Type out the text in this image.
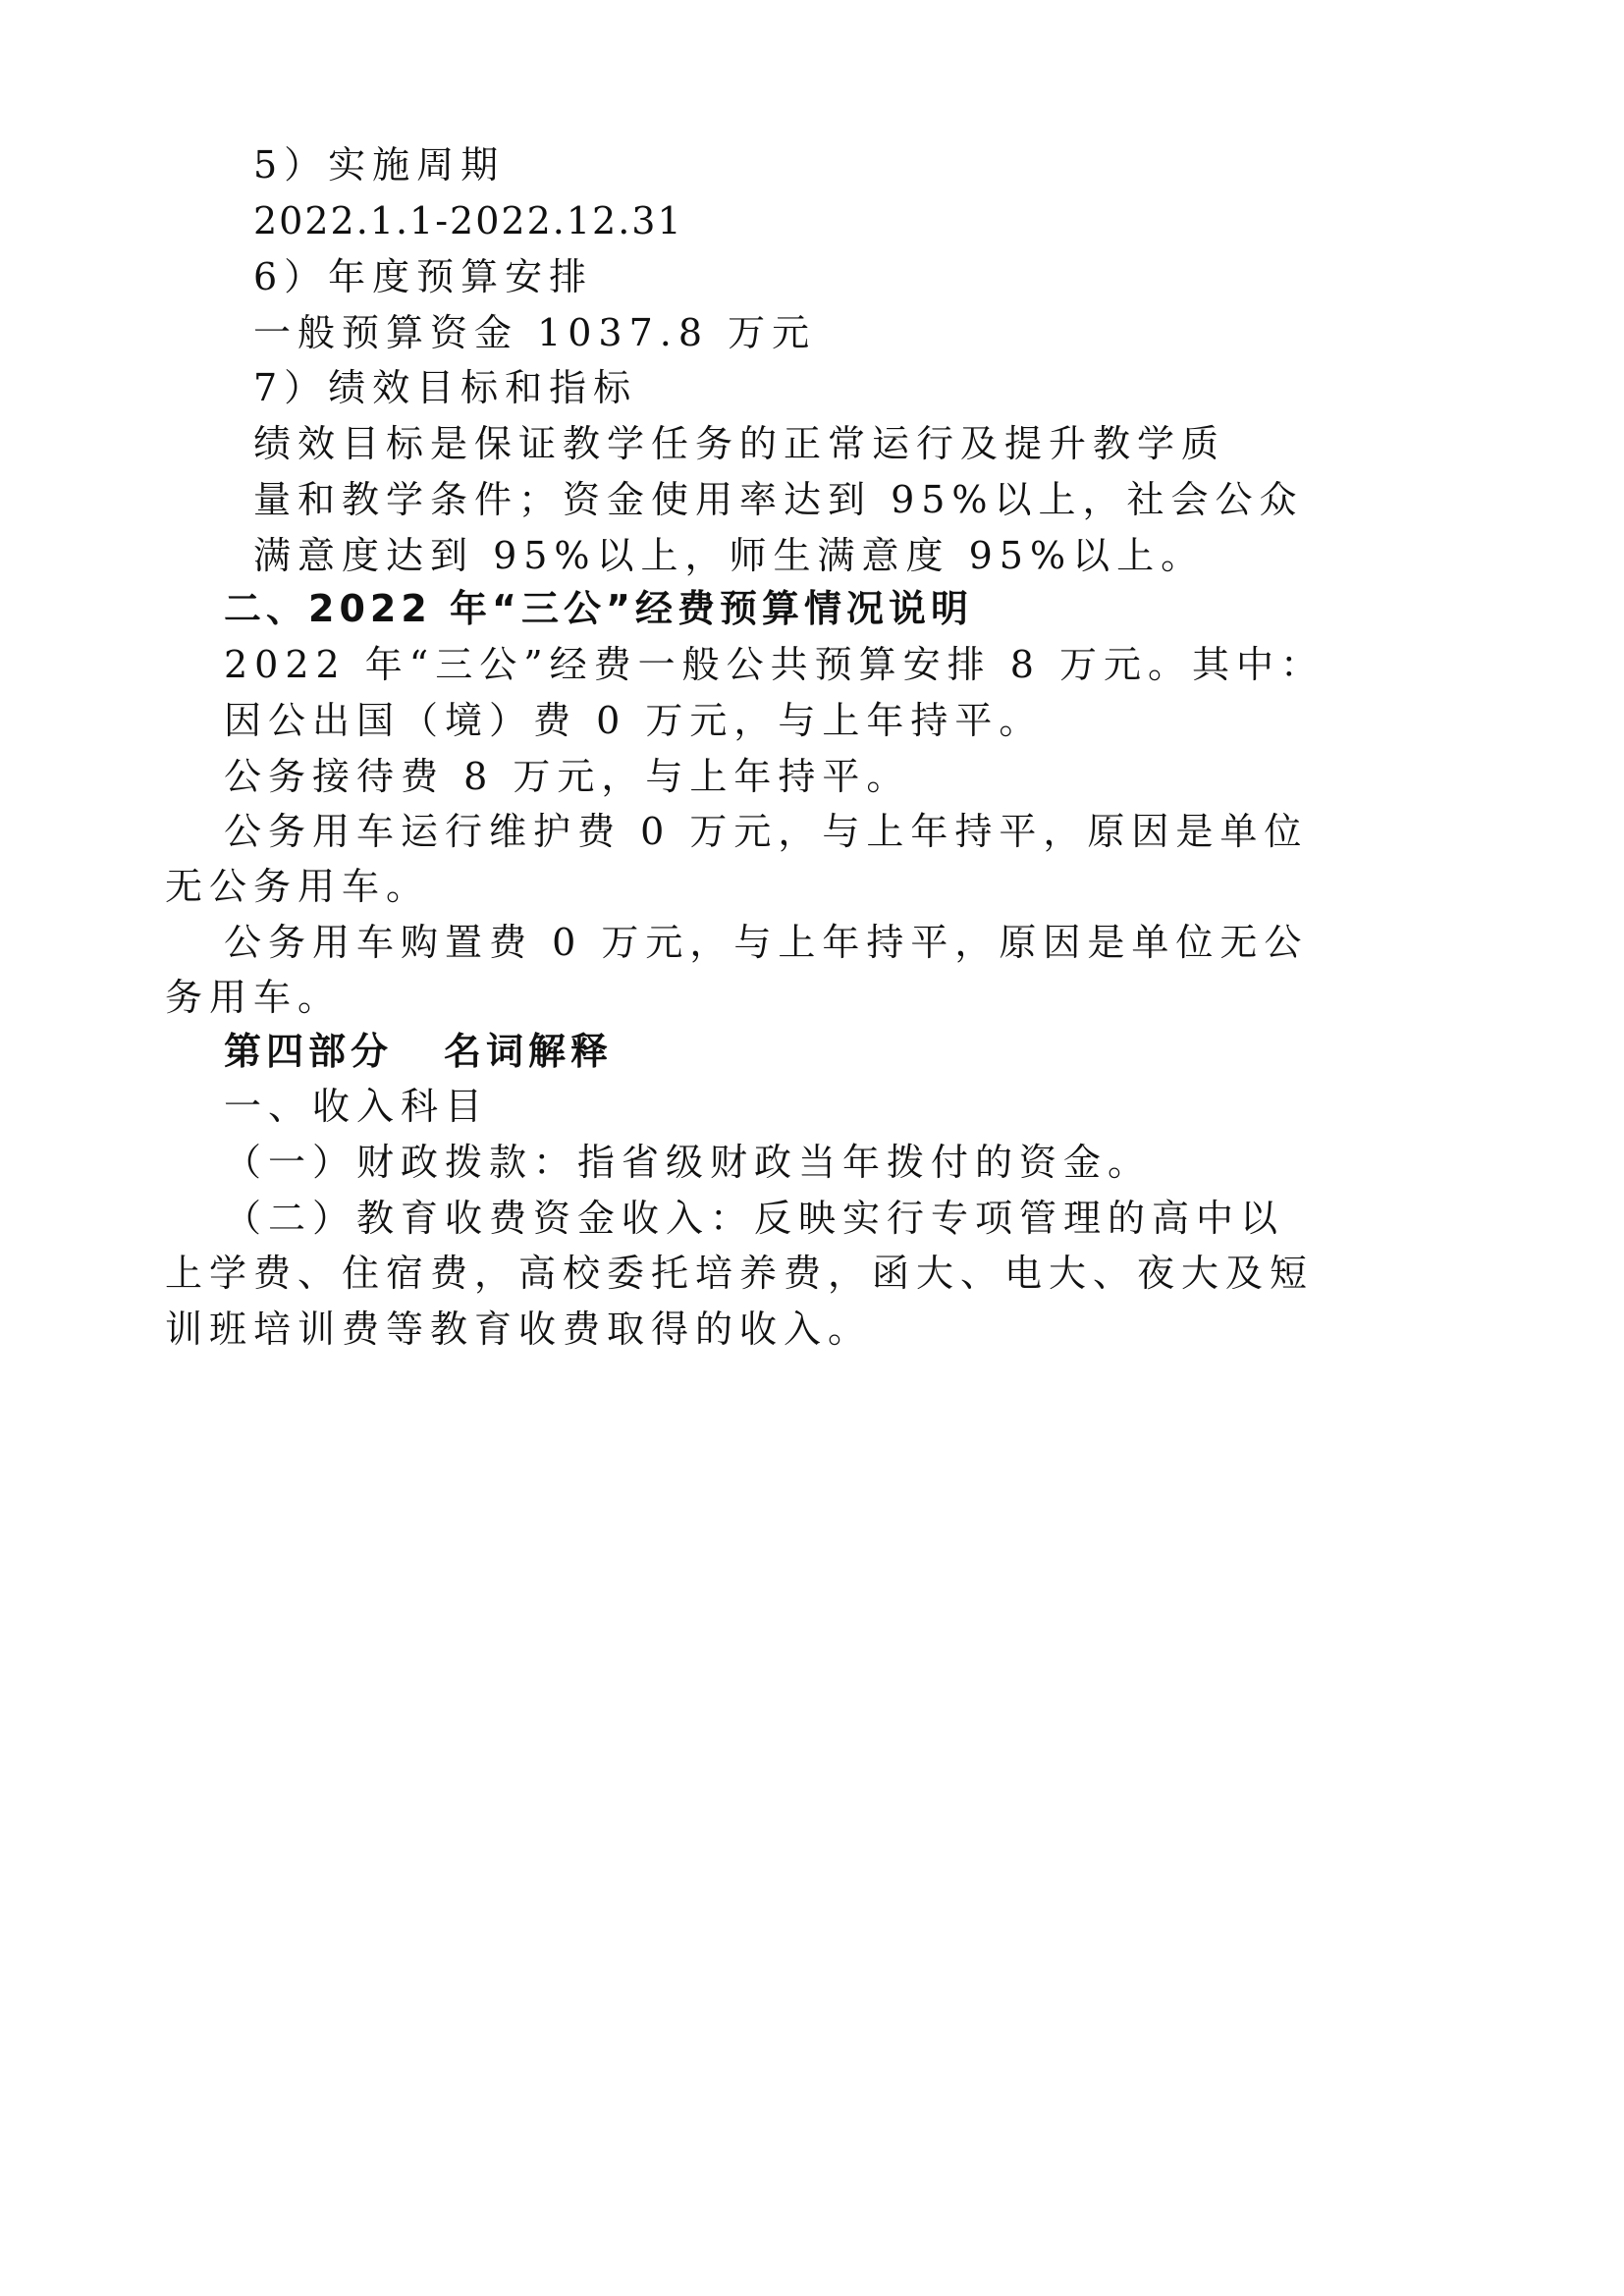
5）实施周期
2022.1.1-2022.12.31
6）年度预算安排
一般预算资金 1037.8 万元
7）绩效目标和指标
绩效目标是保证教学任务的正常运行及提升教学质
量和教学条件；资金使用率达到 95%以上，社会公众
满意度达到 95%以上，师生满意度 95%以上。
二、2022 年“三公”经费预算情况说明
2022 年“三公”经费一般公共预算安排 8 万元。其中：
因公出国（境）费 0 万元，与上年持平。
公务接待费 8 万元，与上年持平。
公务用车运行维护费 0 万元，与上年持平，原因是单位
无公务用车。
公务用车购置费 0 万元，与上年持平，原因是单位无公
务用车。
第四部分 名词解释
一、收入科目
（一）财政拨款：指省级财政当年拨付的资金。
（二）教育收费资金收入：反映实行专项管理的高中以
上学费、住宿费，高校委托培养费，函大、电大、夜大及短
训班培训费等教育收费取得的收入。
